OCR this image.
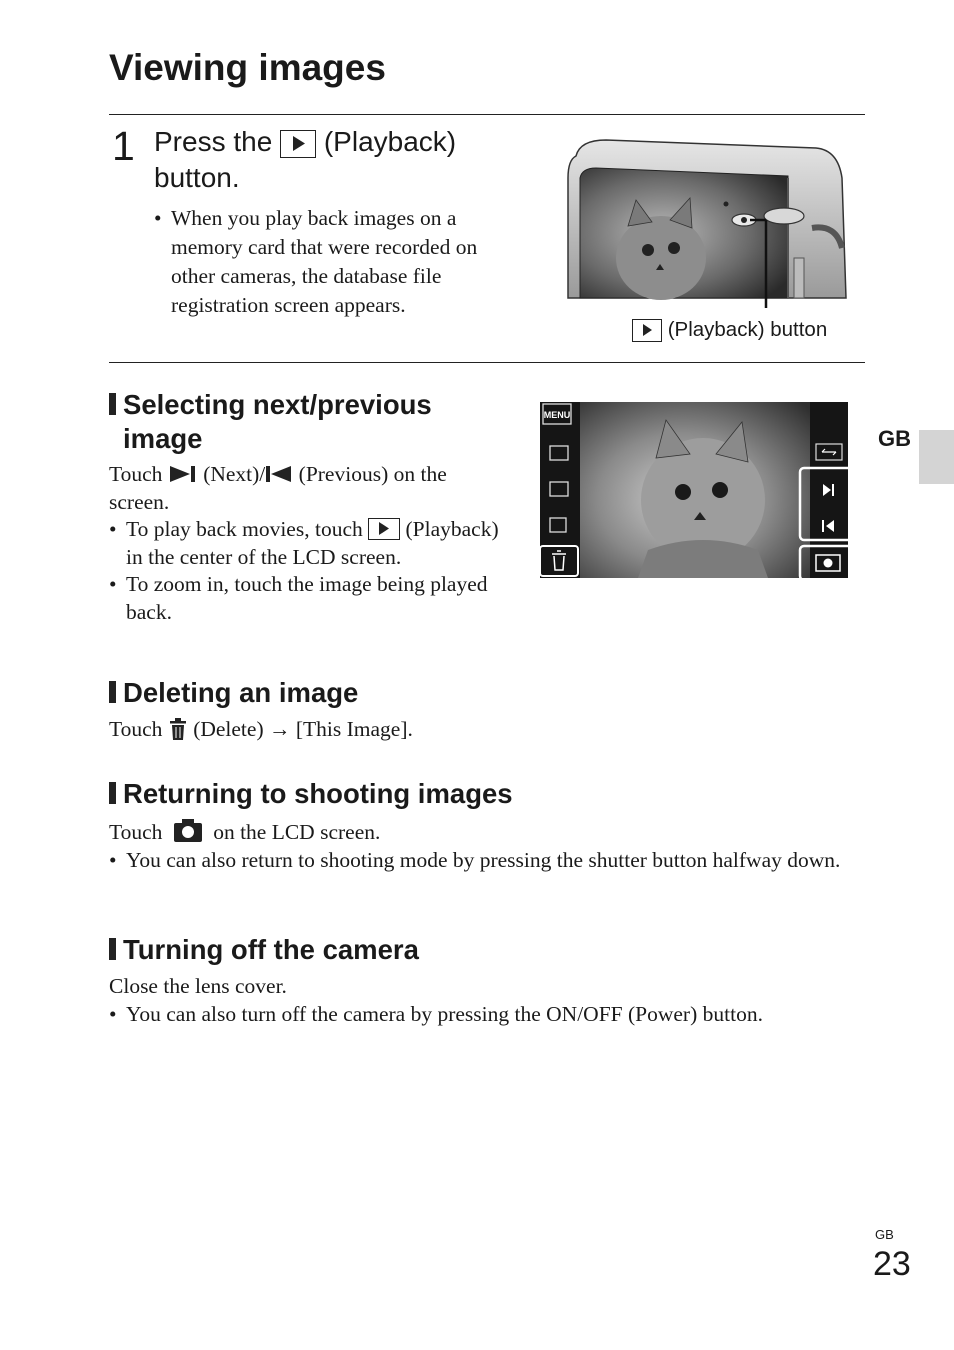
Viewing images
1 Press the (Playback)
button.
• When you play back images on a memory card that were recorded on other cameras, the database file registration screen appears.
(Playback) button
Selecting next/previous image
Touch (Next)/ (Previous) on the screen.
• To play back movies, touch (Playback) in the center of the LCD screen.
• To zoom in, touch the image being played back.
MENU
GB
Deleting an image
Touch (Delete) → [This Image].
Returning to shooting images
Touch on the LCD screen.
• You can also return to shooting mode by pressing the shutter button halfway down.
Turning off the camera
Close the lens cover.
• You can also turn off the camera by pressing the ON/OFF (Power) button.
GB
23
